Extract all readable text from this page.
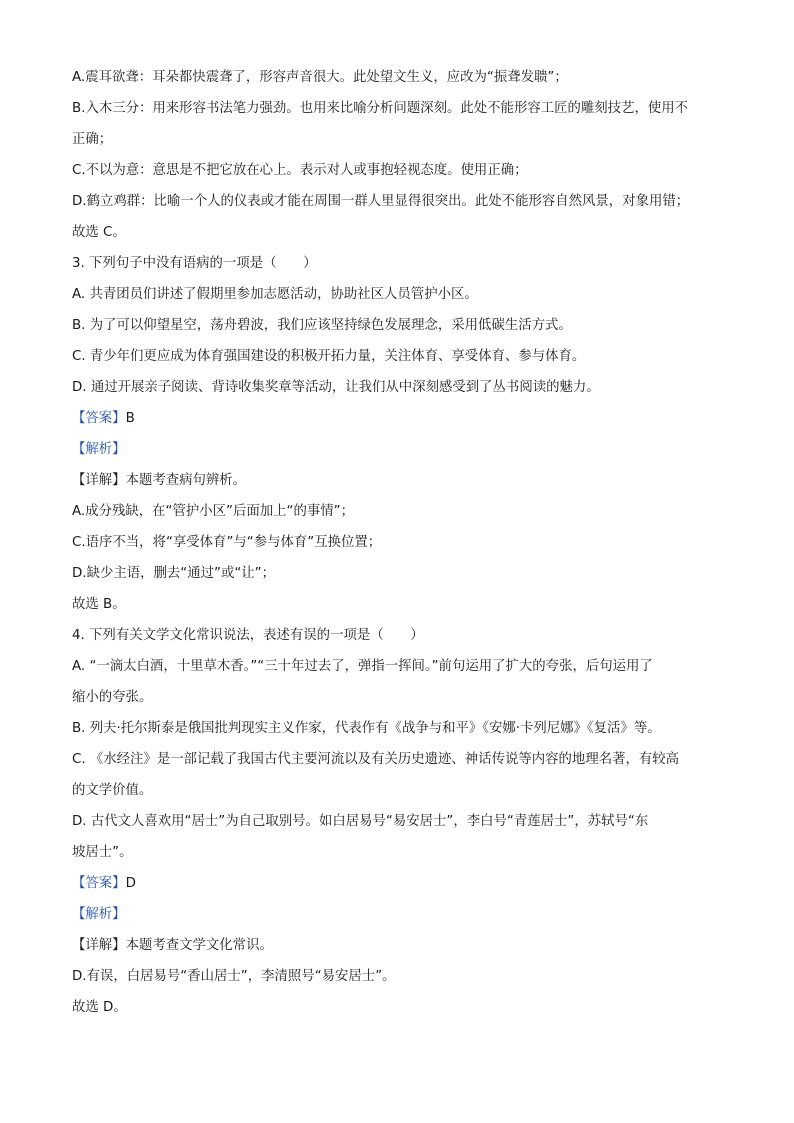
A.震耳欲聋：耳朵都快震聋了，形容声音很大。此处望文生义，应改为“振聋发聩”；
B.入木三分：用来形容书法笔力强劲。也用来比喻分析问题深刻。此处不能形容工匠的雕刻技艺，使用不
正确；
C.不以为意：意思是不把它放在心上。表示对人或事抱轻视态度。使用正确；
D.鹤立鸡群：比喻一个人的仪表或才能在周围一群人里显得很突出。此处不能形容自然风景，对象用错；
故选 C。
3. 下列句子中没有语病的一项是（　　）
A. 共青团员们讲述了假期里参加志愿活动，协助社区人员管护小区。
B. 为了可以仰望星空，荡舟碧波，我们应该坚持绿色发展理念，采用低碳生活方式。
C. 青少年们更应成为体育强国建设的积极开拓力量，关注体育、享受体育、参与体育。
D. 通过开展亲子阅读、背诗收集奖章等活动，让我们从中深刻感受到了丛书阅读的魅力。
【答案】B
【解析】
【详解】本题考查病句辨析。
A.成分残缺，在“管护小区”后面加上“的事情”；
C.语序不当，将“享受体育”与“参与体育”互换位置；
D.缺少主语，删去“通过”或“让”；
故选 B。
4. 下列有关文学文化常识说法，表述有误的一项是（　　）
A. “一滴太白酒，十里草木香。”“三十年过去了，弹指一挥间。”前句运用了扩大的夸张，后句运用了
缩小的夸张。
B. 列夫·托尔斯泰是俄国批判现实主义作家，代表作有《战争与和平》《安娜·卡列尼娜》《复活》等。
C. 《水经注》是一部记载了我国古代主要河流以及有关历史遗迹、神话传说等内容的地理名著，有较高
的文学价值。
D. 古代文人喜欢用“居士”为自己取别号。如白居易号“易安居士”，李白号“青莲居士”，苏轼号“东
坡居士”。
【答案】D
【解析】
【详解】本题考查文学文化常识。
D.有误，白居易号“香山居士”，李清照号“易安居士”。
故选 D。
